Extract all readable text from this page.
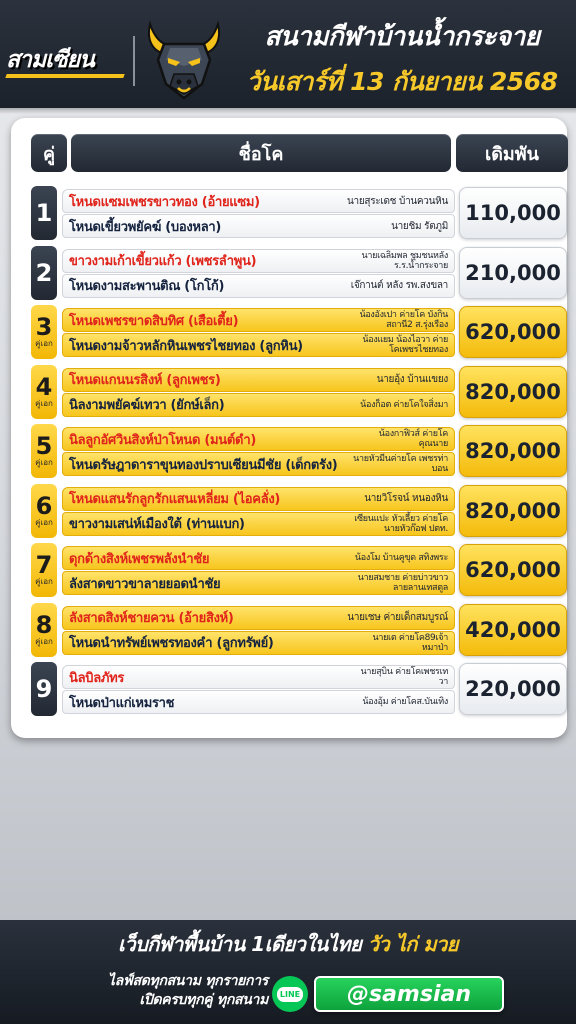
สามเซียน
สนามกีฬาบ้านน้ำกระจาย
วันเสาร์ที่ 13 กันยายน 2568
คู่	ชื่อโค	เดิมพัน
1 โหนดแซมเพชรขาวทอง (อ้ายแซม)	นายสุระเดช บ้านควนหิน
โหนดเขี้ยวพยัคฆ์ (บองหลา)	นายชิม รัตภูมิ
110,000
2 ขาวงามเก้าเขี้ยวแก้ว (เพชรลำพูน)	นายเฉลิมพล ชุมชนหลัง ร.ร.น้ำกระจาย
โหนดงามสะพานติณ (โกโก้)	เจ๊กานต์ หลัง รพ.สงขลา
210,000
3
คู่เอก
โหนดเพชรขาดสิบทิศ (เสือเตี้ย)	น้องอังเปา ค่ายโค บังกินสถานี2 ส.รุ่งเรือง
โหนดงามจ้าวหลักหินเพชรไชยทอง (ลูกหิน)	น้องแยม น้องไอวา ค่ายโคเพชรไชยทอง
620,000
4
คู่เอก
โหนดแกนนรสิงห์ (ลูกเพชร)	นายอุ้ง บ้านแขยง
นิลงามพยัคฆ์เทวา (ยักษ์เล็ก)	น้องก็อต ค่ายโคใจสิ่งมา
820,000
5
คู่เอก
นิลลูกอัศวินสิงห์ป่าโหนด (มนต์ดำ)	น้องกาฟิวส์ ค่ายโคคุณนาย
โหนดรัษฎาดาราขุนทองปราบเซียนมีชัย (เด็กตรัง) นายหัวมีนค่ายโค เพชรท่าบอน
820,000
6
คู่เอก
โหนดแสนรักลูกรักแสนเหลี่ยม (ไอคลั่ง)	นายวิโรจน์ หนองหิน
ขาวงามเสน่ห์เมืองใต้ (ท่านแบก)	เซียนแปะ หัวเลี้ยว ค่ายโคนายหัวก๊อฟ ปตท.
820,000
7
คู่เอก
ดุกด้างสิงห์เพชรพลังนำชัย	น้องโม บ้านคูขุด สทิงพระ
ลังสาดขาวขาลายยอดนำชัย	นายสมชาย ค่ายบ่าวขาวลายลานเทสตูล
620,000
8
คู่เอก
ลังสาดสิงห์ชายควน (อ้ายสิงห์)	นายเชษ ค่ายเด็กสมบูรณ์
โหนดนำทรัพย์เพชรทองคำ (ลูกทรัพย์)	นายเต ค่ายโค89เจ้าหมาป่า
420,000
9 นิลบิลภัทร	นายสุบิน ค่ายโคเพชรเทวา
โหนดป่าแก่เหมราช	น้องอุ้ม ค่ายโคส.บันเทิง
220,000
เว็บกีฬาพื้นบ้าน 1เดียวในไทย วัว ไก่ มวย
ไลฟ์สดทุกสนาม ทุกรายการ
เปิดครบทุกคู่ ทุกสนาม	LINE	@samsian
